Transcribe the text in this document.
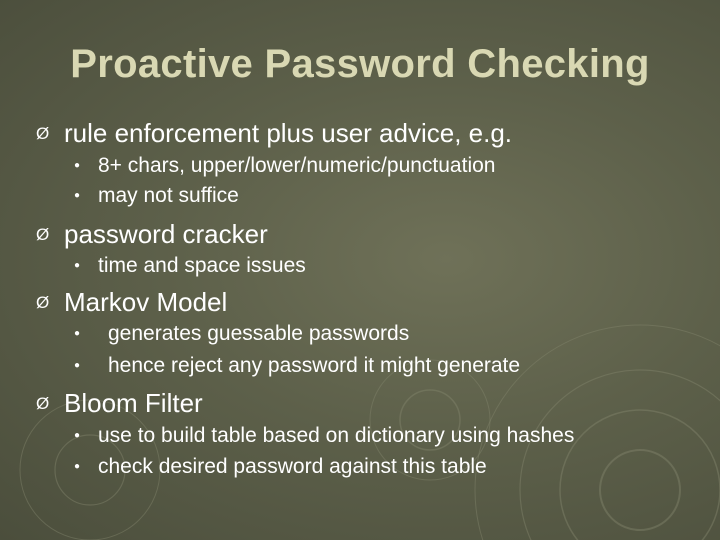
Proactive Password Checking
Ø rule enforcement plus user advice, e.g.
● 8+ chars, upper/lower/numeric/punctuation
● may not suffice
Ø password cracker
● time and space issues
Ø Markov Model
● generates guessable passwords
● hence reject any password it might generate
Ø Bloom Filter
● use to build table based on dictionary using hashes
● check desired password against this table
